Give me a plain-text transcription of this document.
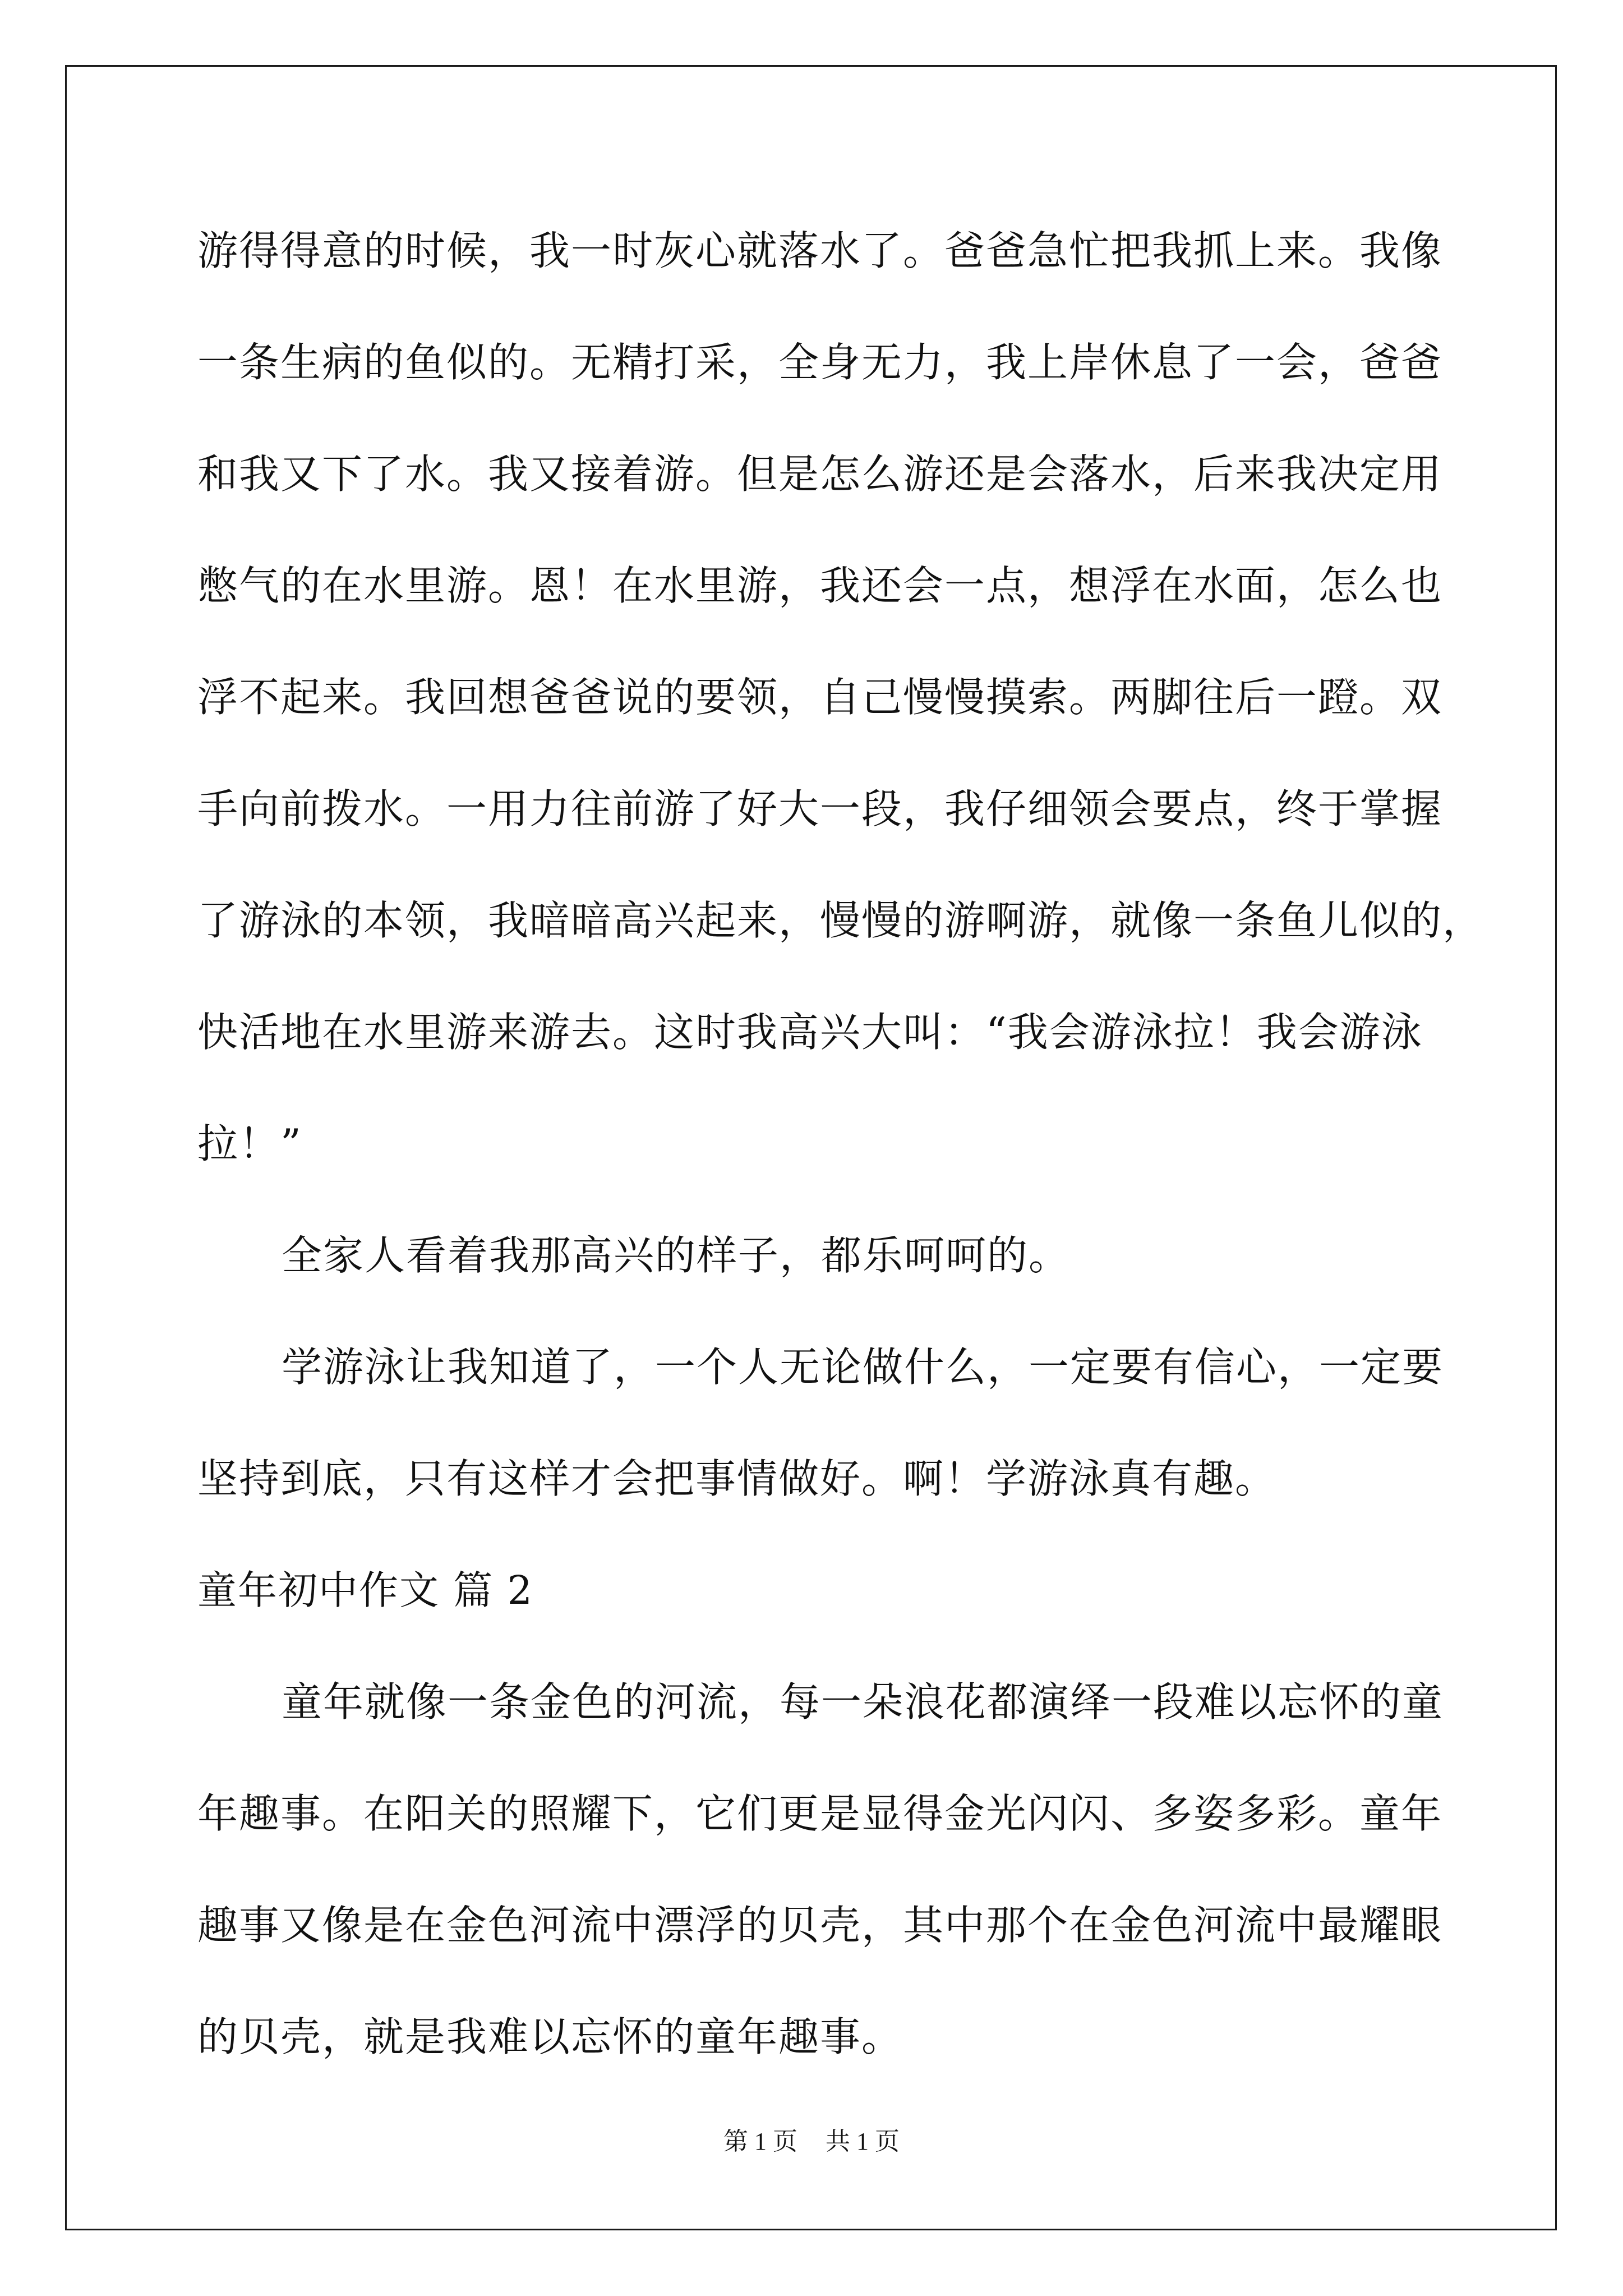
游得得意的时候，我一时灰心就落水了。爸爸急忙把我抓上来。我像
一条生病的鱼似的。无精打采，全身无力，我上岸休息了一会，爸爸
和我又下了水。我又接着游。但是怎么游还是会落水，后来我决定用
憋气的在水里游。恩！在水里游，我还会一点，想浮在水面，怎么也
浮不起来。我回想爸爸说的要领，自己慢慢摸索。两脚往后一蹬。双
手向前拨水。一用力往前游了好大一段，我仔细领会要点，终于掌握
了游泳的本领，我暗暗高兴起来，慢慢的游啊游，就像一条鱼儿似的，
快活地在水里游来游去。这时我高兴大叫：“我会游泳拉！我会游泳
拉！”
全家人看着我那高兴的样子，都乐呵呵的。
学游泳让我知道了，一个人无论做什么，一定要有信心，一定要
坚持到底，只有这样才会把事情做好。啊！学游泳真有趣。
童年初中作文 篇 2
童年就像一条金色的河流，每一朵浪花都演绎一段难以忘怀的童
年趣事。在阳关的照耀下，它们更是显得金光闪闪、多姿多彩。童年
趣事又像是在金色河流中漂浮的贝壳，其中那个在金色河流中最耀眼
的贝壳，就是我难以忘怀的童年趣事。
第 1 页 共 1 页
